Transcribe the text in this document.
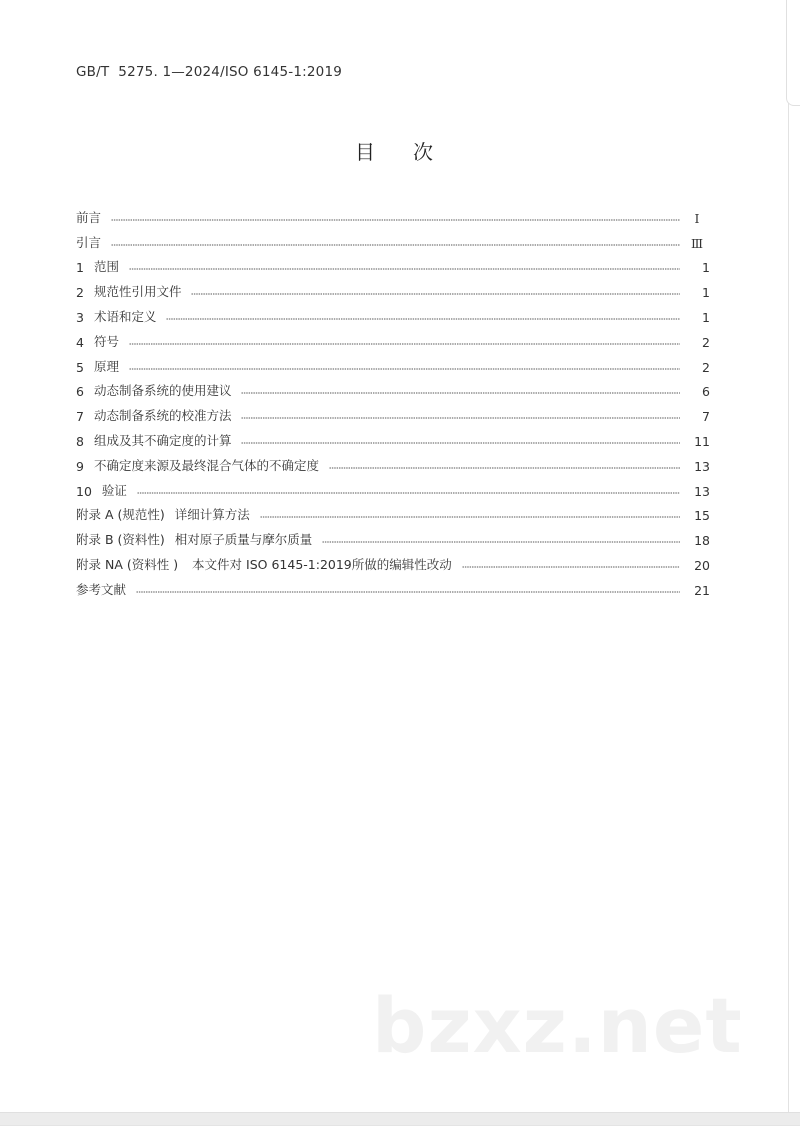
GB/T  5275. 1—2024/ISO 6145-1:2019
目次
前言	I
引言	Ⅲ
1 范围	1
2 规范性引用文件	1
3 术语和定义	1
4 符号	2
5 原理	2
6 动态制备系统的使用建议	6
7 动态制备系统的校准方法	7
8 组成及其不确定度的计算	11
9 不确定度来源及最终混合气体的不确定度	13
10 验证	13
附录 A (规范性) 详细计算方法	15
附录 B (资料性) 相对原子质量与摩尔质量	18
附录 NA (资料性 ) 本文件对 ISO 6145-1:2019所做的编辑性改动	20
参考文献	21
bzxz.net
